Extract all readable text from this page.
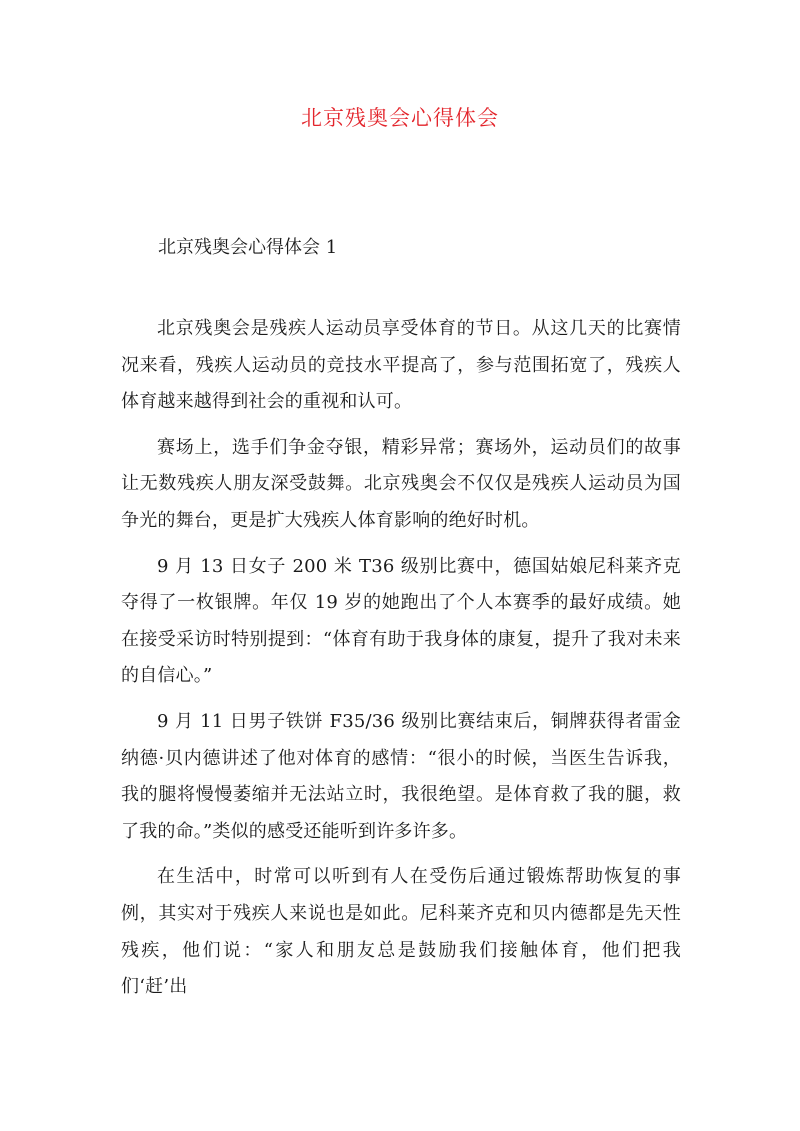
北京残奥会心得体会
北京残奥会心得体会 1

北京残奥会是残疾人运动员享受体育的节日。从这几天的比赛情况来看，残疾人运动员的竞技水平提高了，参与范围拓宽了，残疾人体育越来越得到社会的重视和认可。

赛场上，选手们争金夺银，精彩异常；赛场外，运动员们的故事让无数残疾人朋友深受鼓舞。北京残奥会不仅仅是残疾人运动员为国争光的舞台，更是扩大残疾人体育影响的绝好时机。

9 月 13 日女子 200 米 T36 级别比赛中，德国姑娘尼科莱齐克夺得了一枚银牌。年仅 19 岁的她跑出了个人本赛季的最好成绩。她在接受采访时特别提到：“体育有助于我身体的康复，提升了我对未来的自信心。”

9 月 11 日男子铁饼 F35/36 级别比赛结束后，铜牌获得者雷金纳德·贝内德讲述了他对体育的感情：“很小的时候，当医生告诉我，我的腿将慢慢萎缩并无法站立时，我很绝望。是体育救了我的腿，救了我的命。”类似的感受还能听到许多许多。

在生活中，时常可以听到有人在受伤后通过锻炼帮助恢复的事例，其实对于残疾人来说也是如此。尼科莱齐克和贝内德都是先天性残疾，他们说：“家人和朋友总是鼓励我们接触体育，他们把我们‘赶’出
